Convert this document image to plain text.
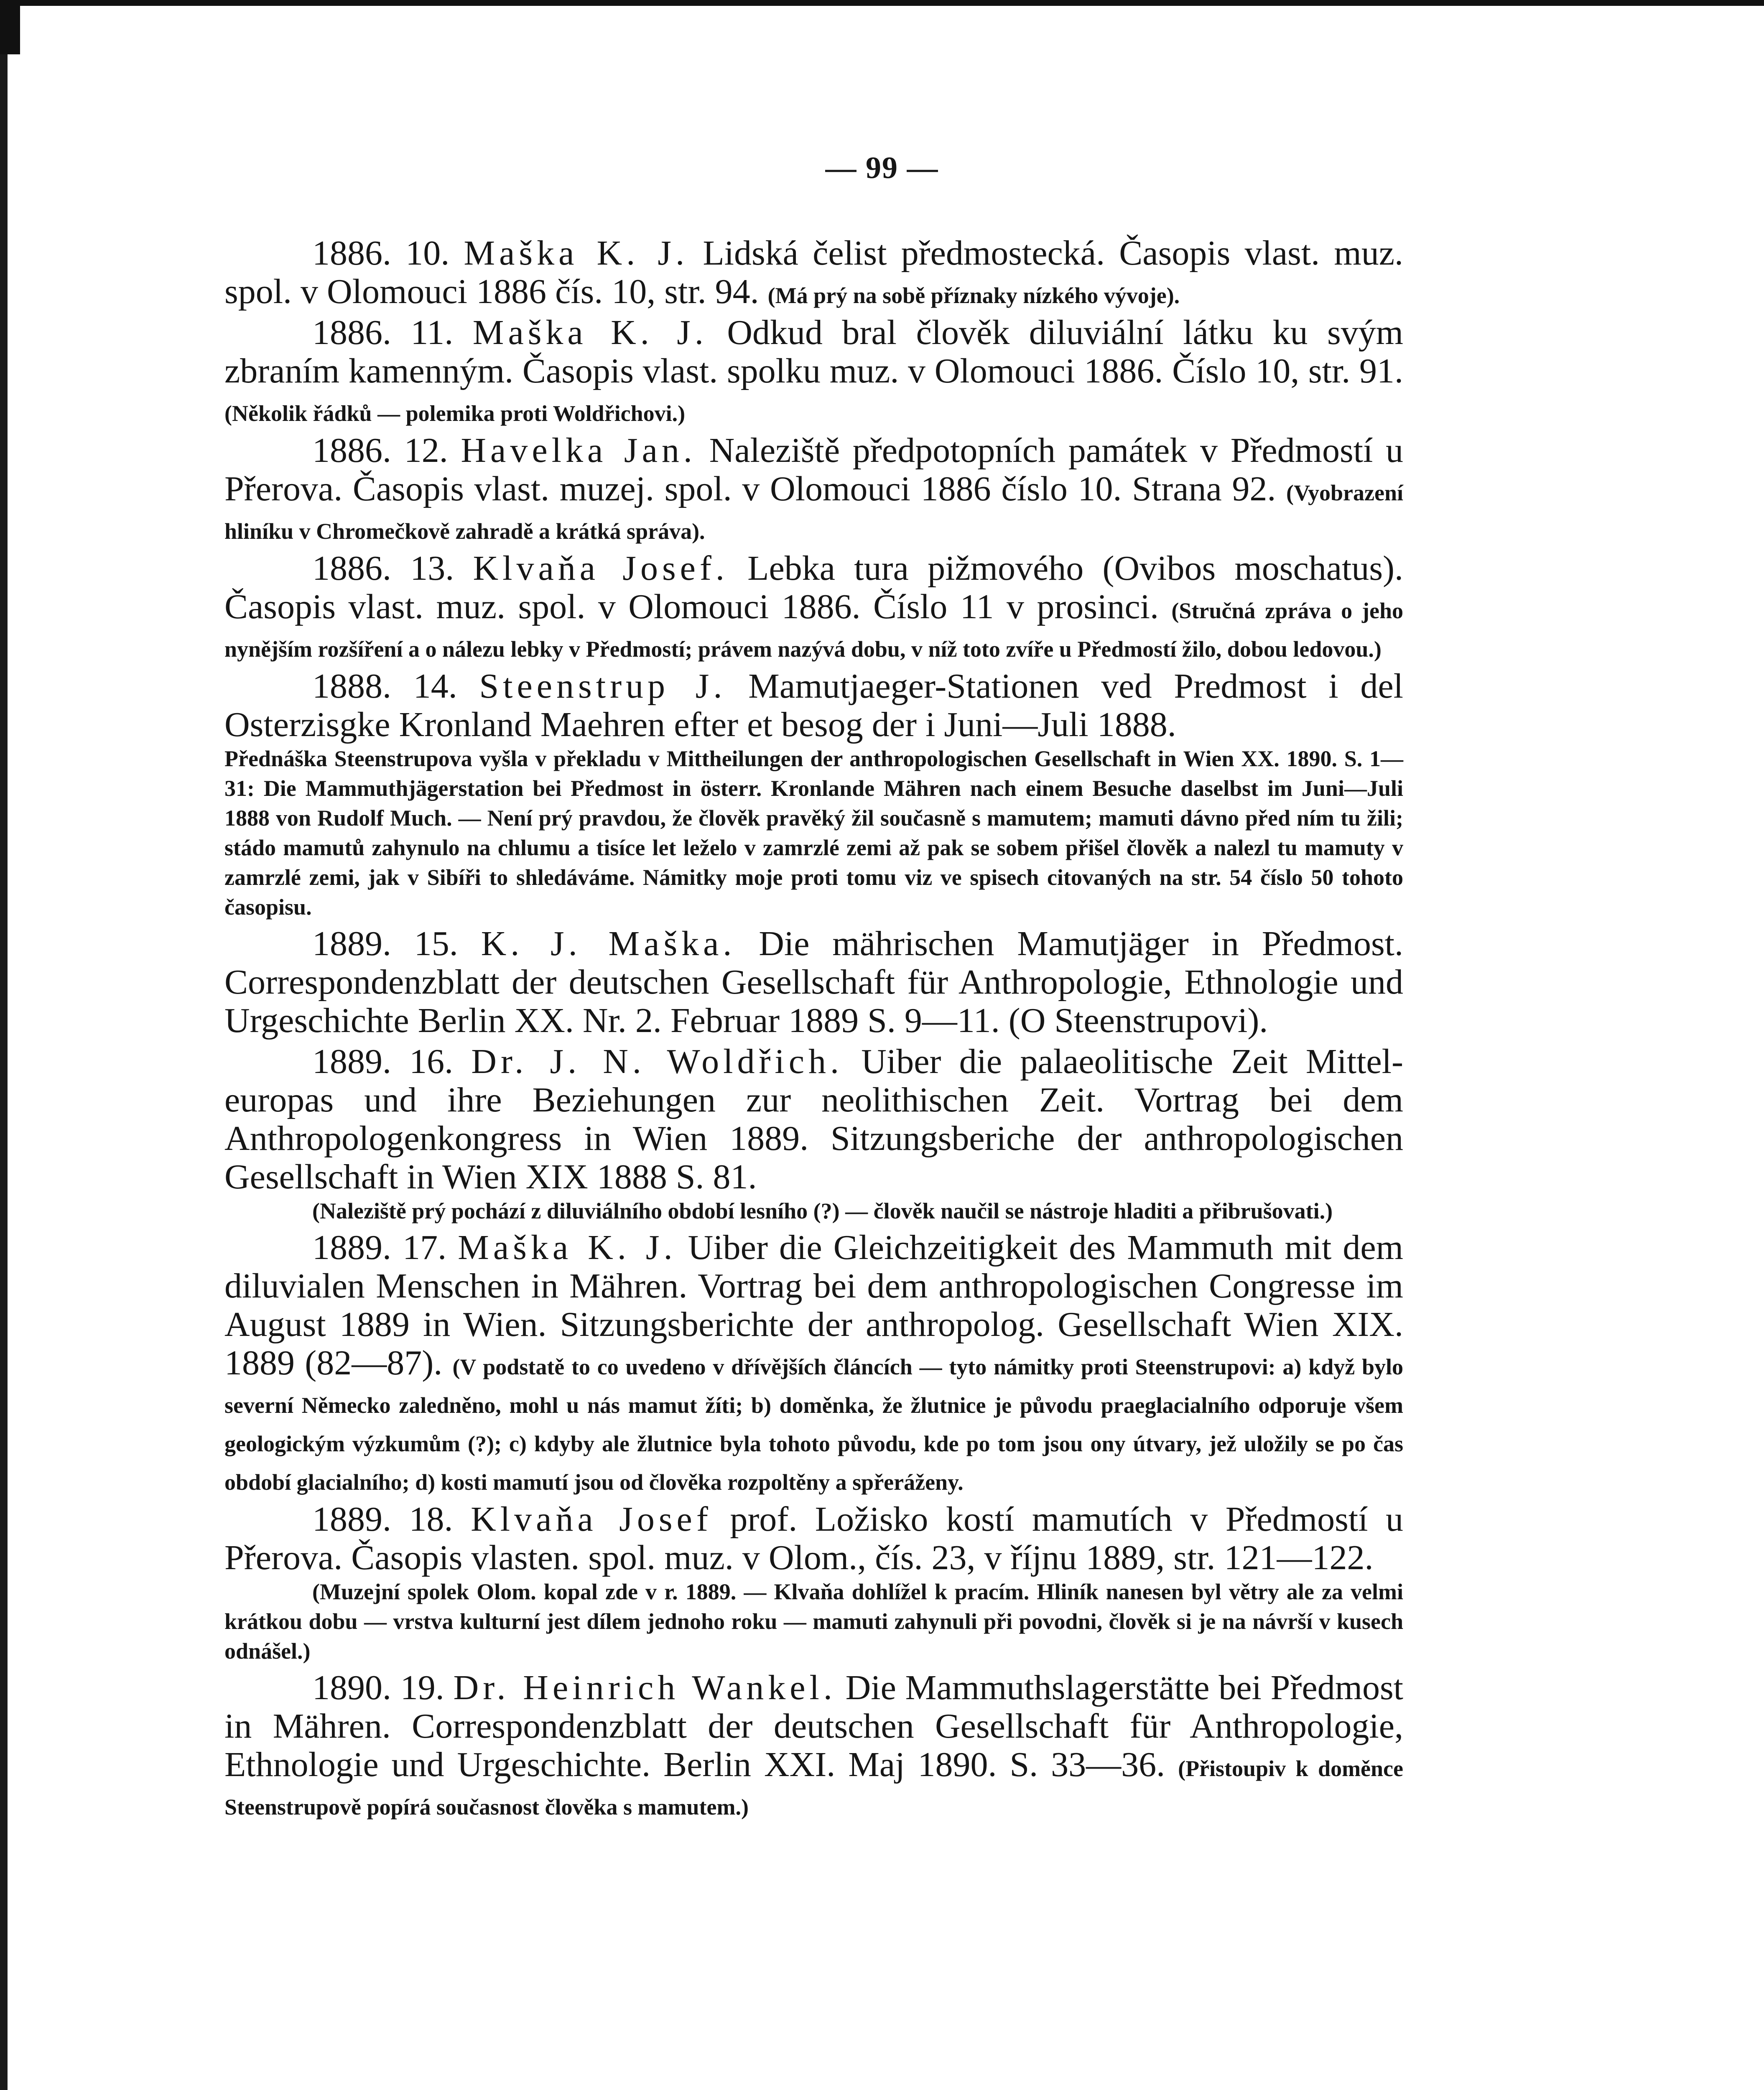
— 99 —

1886. 10. Maška K. J. Lidská čelist předmostecká. Časopis vlast. muz. spol. v Olomouci 1886 čís. 10, str. 94. (Má prý na sobě příznaky nízkého vývoje).

1886. 11. Maška K. J. Odkud bral člověk diluviální látku ku svým zbraním kamenným. Časopis vlast. spolku muz. v Olomouci 1886. Číslo 10, str. 91. (Několik řádků — polemika proti Woldřichovi.)

1886. 12. Havelka Jan. Naleziště předpotopních památek v Předmostí u Přerova. Časopis vlast. muzej. spol. v Olomouci 1886 číslo 10. Strana 92. (Vyobrazení hliníku v Chromečkově zahradě a krátká správa).

1886. 13. Klvaňa Josef. Lebka tura pižmového (Ovibos moschatus). Časopis vlast. muz. spol. v Olomouci 1886. Číslo 11 v prosinci. (Stručná zpráva o jeho nynějším rozšíření a o nálezu lebky v Předmostí; právem nazývá dobu, v níž toto zvíře u Předmostí žilo, dobou ledovou.)

1888. 14. Steenstrup J. Mamutjaeger-Stationen ved Predmost i del Osterzisgke Kronland Maehren efter et besog der i Juni—Juli 1888.

Přednáška Steenstrupova vyšla v překladu v Mittheilungen der anthropologischen Gesellschaft in Wien XX. 1890. S. 1—31: Die Mammuthjägerstation bei Předmost in österr. Kronlande Mähren nach einem Besuche daselbst im Juni—Juli 1888 von Rudolf Much. — Není prý pravdou, že člověk pravěký žil současně s mamutem; mamuti dávno před ním tu žili; stádo mamutů zahynulo na chlumu a tisíce let leželo v zamrzlé zemi až pak se sobem přišel člověk a nalezl tu mamuty v zamrzlé zemi, jak v Sibíři to shledáváme. Námitky moje proti tomu viz ve spisech citovaných na str. 54 číslo 50 tohoto časopisu.

1889. 15. K. J. Maška. Die mährischen Mamutjäger in Předmost. Correspondenzblatt der deutschen Gesellschaft für Anthropologie, Ethnologie und Urgeschichte Berlin XX. Nr. 2. Februar 1889 S. 9—11. (O Steenstrupovi).

1889. 16. Dr. J. N. Woldřich. Uiber die palaeolitische Zeit Mittel-europas und ihre Beziehungen zur neolithischen Zeit. Vortrag bei dem Anthropologenkongress in Wien 1889. Sitzungsberiche der anthropologischen Gesellschaft in Wien XIX 1888 S. 81.

(Naleziště prý pochází z diluviálního období lesního (?) — člověk naučil se nástroje hladiti a přibrušovati.)

1889. 17. Maška K. J. Uiber die Gleichzeitigkeit des Mammuth mit dem diluvialen Menschen in Mähren. Vortrag bei dem anthropologischen Congresse im August 1889 in Wien. Sitzungsberichte der anthropolog. Gesellschaft Wien XIX. 1889 (82—87). (V podstatě to co uvedeno v dřívějších článcích — tyto námitky proti Steenstrupovi: a) když bylo severní Německo zaledněno, mohl u nás mamut žíti; b) doměnka, že žlutnice je původu praeglacialního odporuje všem geologickým výzkumům (?); c) kdyby ale žlutnice byla tohoto původu, kde po tom jsou ony útvary, jež uložily se po čas období glacialního; d) kosti mamutí jsou od člověka rozpoltěny a spřeráženy.

1889. 18. Klvaňa Josef prof. Ložisko kostí mamutích v Předmostí u Přerova. Časopis vlasten. spol. muz. v Olom., čís. 23, v říjnu 1889, str. 121—122.

(Muzejní spolek Olom. kopal zde v r. 1889. — Klvaňa dohlížel k pracím. Hliník nanesen byl větry ale za velmi krátkou dobu — vrstva kulturní jest dílem jednoho roku — mamuti zahynuli při povodni, člověk si je na návrší v kusech odnášel.)

1890. 19. Dr. Heinrich Wankel. Die Mammuthslagerstätte bei Předmost in Mähren. Correspondenzblatt der deutschen Gesellschaft für Anthropologie, Ethnologie und Urgeschichte. Berlin XXI. Maj 1890. S. 33—36. (Přistoupiv k doměnce Steenstrupově popírá současnost člověka s mamutem.)
